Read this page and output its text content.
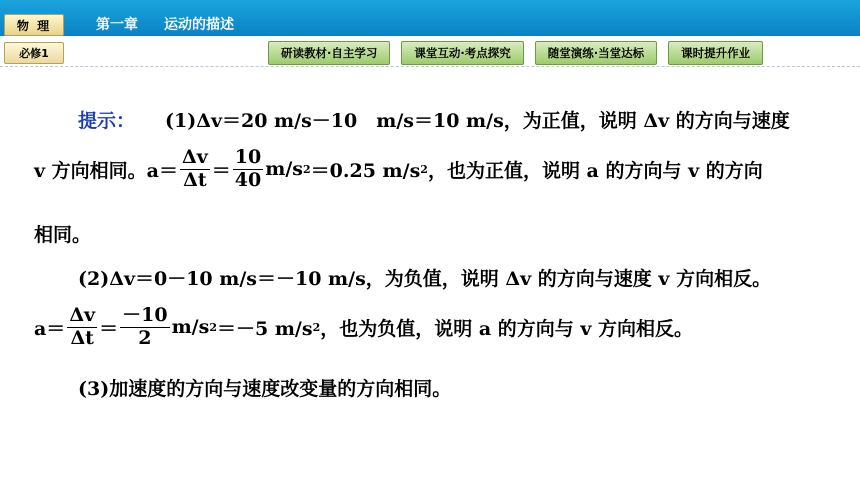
物 理	第一章 运动的描述
必修1	研读教材·自主学习	课堂互动·考点探究	随堂演练·当堂达标	课时提升作业
提示： (1)Δv＝20 m/s－10　m/s＝10 m/s，为正值，说明 Δv 的方向与速度
v 方向相同。 $a= \frac{\Delta v}{\Delta t} = \frac{10}{40} m/s$ 2 ＝0.25 m/s 2 ，也为正值，说明 a 的方向与 v 的方向
相同。
(2)Δv＝0－10 m/s＝－10 m/s，为负值，说明 Δv 的方向与速度 v 方向相反。
$a= \frac{\Delta v}{\Delta t} = \frac{-10}{2} m/s$ 2 ＝－5 m/s 2 ，也为负值，说明 a 的方向与 v 方向相反。
(3)加速度的方向与速度改变量的方向相同。
